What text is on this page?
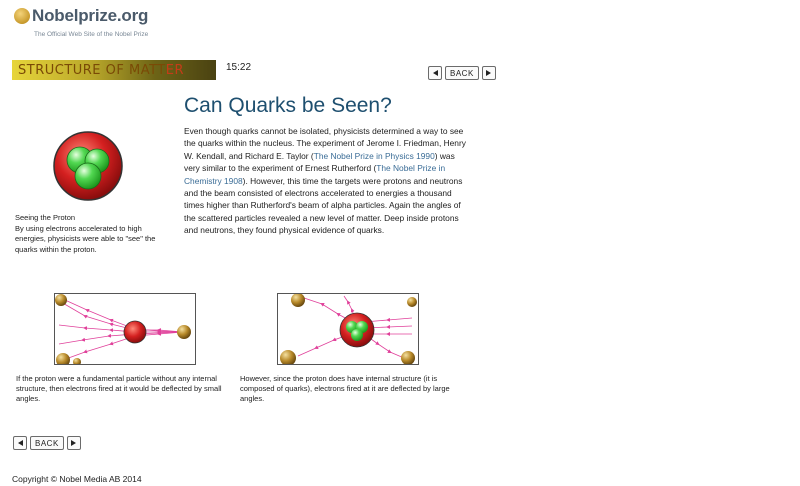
Nobelprize.org
The Official Web Site of the Nobel Prize
STRUCTURE OF MATTER	15:22	BACK
Can Quarks be Seen?
Even though quarks cannot be isolated, physicists determined a way to see the quarks within the nucleus. The experiment of Jerome I. Friedman, Henry W. Kendall, and Richard E. Taylor (The Nobel Prize in Physics 1990) was very similar to the experiment of Ernest Rutherford (The Nobel Prize in Chemistry 1908). However, this time the targets were protons and neutrons and the beam consisted of electrons accelerated to energies a thousand times higher than Rutherford's beam of alpha particles. Again the angles of the scattered particles revealed a new level of matter. Deep inside protons and neutrons, they found physical evidence of quarks.
Seeing the Proton
By using electrons accelerated to high energies, physicists were able to "see" the quarks within the proton.
If the proton were a fundamental particle without any internal structure, then electrons fired at it would be deflected by small angles.
However, since the proton does have internal structure (it is composed of quarks), electrons fired at it are deflected by large angles.
BACK
Copyright © Nobel Media AB 2014
